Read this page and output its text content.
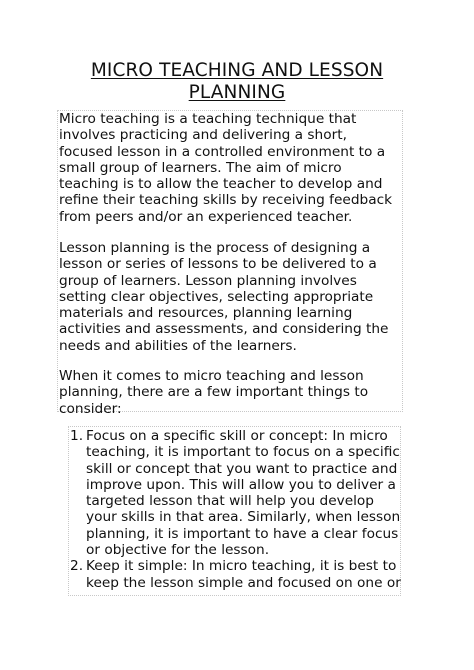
MICRO TEACHING AND LESSON
PLANNING

Micro teaching is a teaching technique that
involves practicing and delivering a short,
focused lesson in a controlled environment to a
small group of learners. The aim of micro
teaching is to allow the teacher to develop and
refine their teaching skills by receiving feedback
from peers and/or an experienced teacher.

Lesson planning is the process of designing a
lesson or series of lessons to be delivered to a
group of learners. Lesson planning involves
setting clear objectives, selecting appropriate
materials and resources, planning learning
activities and assessments, and considering the
needs and abilities of the learners.

When it comes to micro teaching and lesson
planning, there are a few important things to
consider:

1. Focus on a specific skill or concept: In micro
teaching, it is important to focus on a specific
skill or concept that you want to practice and
improve upon. This will allow you to deliver a
targeted lesson that will help you develop
your skills in that area. Similarly, when lesson
planning, it is important to have a clear focus
or objective for the lesson.
2. Keep it simple: In micro teaching, it is best to
keep the lesson simple and focused on one or
